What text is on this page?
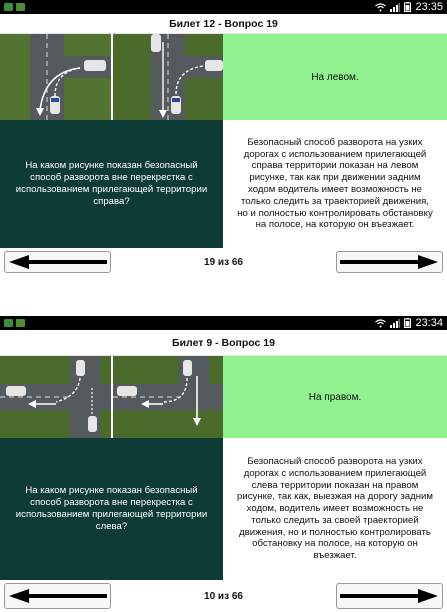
23:35
Билет 12 - Вопрос 19
На каком рисунке показан безопасный способ разворота вне перекрестка с использованием прилегающей территории справа?
На левом.
Безопасный способ разворота на узких дорогах с использованием прилегающей справа территории показан на левом рисунке, так как при движении задним ходом водитель имеет возможность не только следить за траекторией движения, но и полностью контролировать обстановку на полосе, на которую он въезжает.
19 из 66
23:34
Билет 9 - Вопрос 19
На каком рисунке показан безопасный способ разворота вне перекрестка с использованием прилегающей территории слева?
На правом.
Безопасный способ разворота на узких дорогах с использованием прилегающей слева территории показан на правом рисунке, так как, выезжая на дорогу задним ходом, водитель имеет возможность не только следить за своей траекторией движения, но и полностью контролировать обстановку на полосе, на которую он въезжает.
10 из 66
